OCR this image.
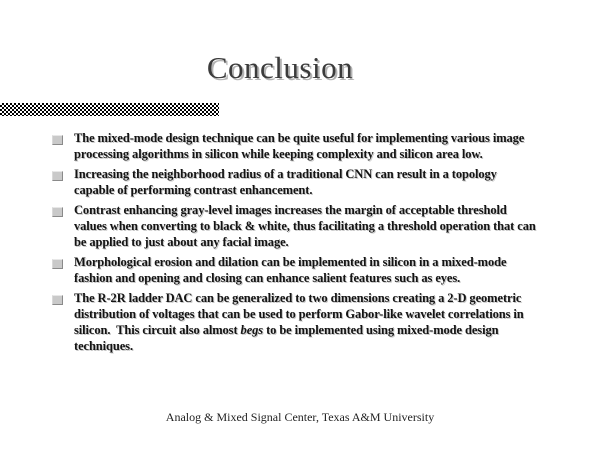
Conclusion
The mixed-mode design technique can be quite useful for implementing various image processing algorithms in silicon while keeping complexity and silicon area low.
Increasing the neighborhood radius of a traditional CNN can result in a topology capable of performing contrast enhancement.
Contrast enhancing gray-level images increases the margin of acceptable threshold values when converting to black & white, thus facilitating a threshold operation that can be applied to just about any facial image.
Morphological erosion and dilation can be implemented in silicon in a mixed-mode fashion and opening and closing can enhance salient features such as eyes.
The R-2R ladder DAC can be generalized to two dimensions creating a 2-D geometric distribution of voltages that can be used to perform Gabor-like wavelet correlations in silicon.  This circuit also almost begs to be implemented using mixed-mode design techniques.
Analog & Mixed Signal Center, Texas A&M University
